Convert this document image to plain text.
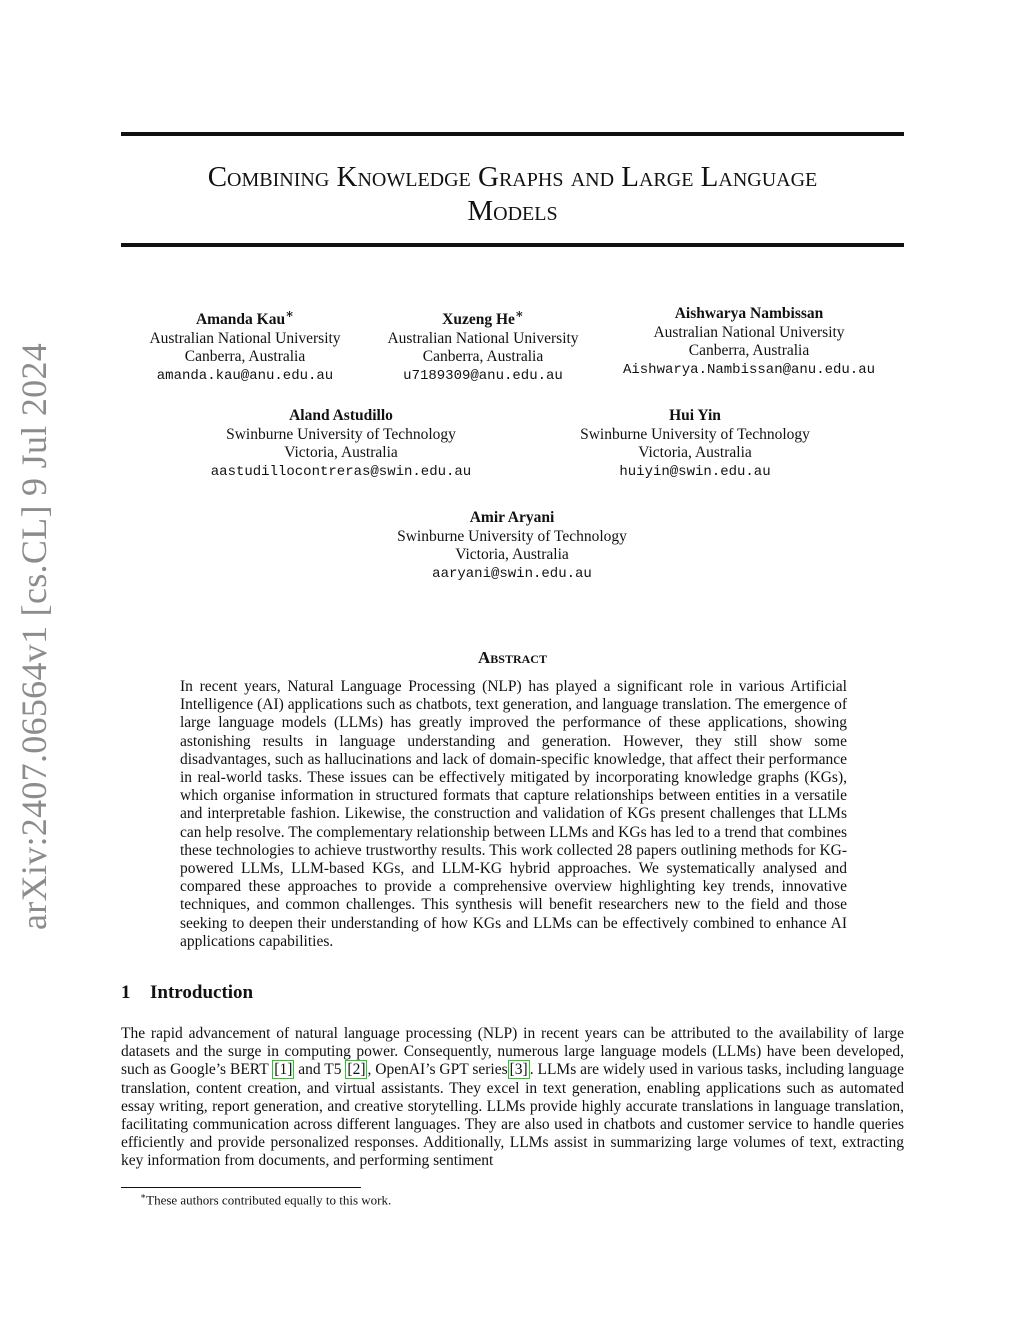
arXiv:2407.06564v1 [cs.CL] 9 Jul 2024
Combining Knowledge Graphs and Large Language
Models
Amanda Kau∗
Australian National University
Canberra, Australia
amanda.kau@anu.edu.au
Xuzeng He∗
Australian National University
Canberra, Australia
u7189309@anu.edu.au
Aishwarya Nambissan
Australian National University
Canberra, Australia
Aishwarya.Nambissan@anu.edu.au
Aland Astudillo
Swinburne University of Technology
Victoria, Australia
aastudillocontreras@swin.edu.au
Hui Yin
Swinburne University of Technology
Victoria, Australia
huiyin@swin.edu.au
Amir Aryani
Swinburne University of Technology
Victoria, Australia
aaryani@swin.edu.au
Abstract
In recent years, Natural Language Processing (NLP) has played a significant role in various Artificial Intelligence (AI) applications such as chatbots, text generation, and language translation. The emergence of large language models (LLMs) has greatly improved the performance of these applications, showing astonishing results in language understanding and generation. However, they still show some disadvantages, such as hallucinations and lack of domain-specific knowledge, that affect their performance in real-world tasks. These issues can be effectively mitigated by incorporating knowledge graphs (KGs), which organise information in structured formats that capture relationships between entities in a versatile and interpretable fashion. Likewise, the construction and validation of KGs present challenges that LLMs can help resolve. The complementary relationship between LLMs and KGs has led to a trend that combines these technologies to achieve trustworthy results. This work collected 28 papers outlining methods for KG-powered LLMs, LLM-based KGs, and LLM-KG hybrid approaches. We systematically analysed and compared these approaches to provide a comprehensive overview highlighting key trends, innovative techniques, and common challenges. This synthesis will benefit researchers new to the field and those seeking to deepen their understanding of how KGs and LLMs can be effectively combined to enhance AI applications capabilities.
1 Introduction
The rapid advancement of natural language processing (NLP) in recent years can be attributed to the availability of large datasets and the surge in computing power. Consequently, numerous large language models (LLMs) have been developed, such as Google’s BERT [1] and T5 [2] , OpenAI’s GPT series [3] . LLMs are widely used in various tasks, including language translation, content creation, and virtual assistants. They excel in text generation, enabling applications such as automated essay writing, report generation, and creative storytelling. LLMs provide highly accurate translations in language translation, facilitating communication across different languages. They are also used in chatbots and customer service to handle queries efficiently and provide personalized responses. Additionally, LLMs assist in summarizing large volumes of text, extracting key information from documents, and performing sentiment
∗These authors contributed equally to this work.
